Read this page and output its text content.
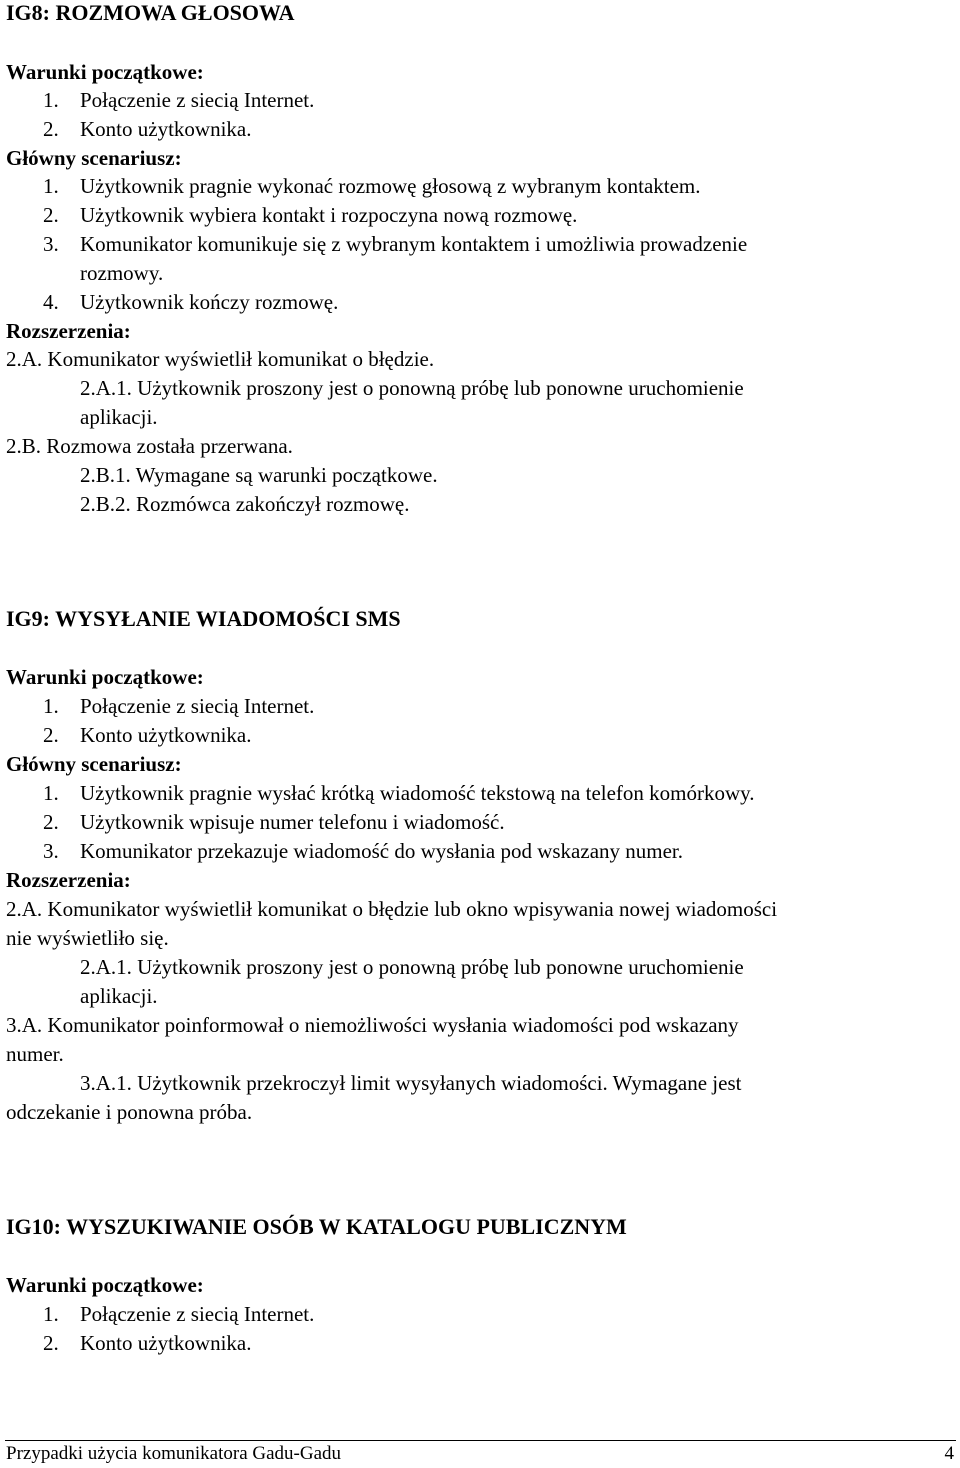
IG8: ROZMOWA GŁOSOWA
Warunki początkowe:
1. Połączenie z siecią Internet.
2. Konto użytkownika.
Główny scenariusz:
1. Użytkownik pragnie wykonać rozmowę głosową z wybranym kontaktem.
2. Użytkownik wybiera kontakt i rozpoczyna nową rozmowę.
3. Komunikator komunikuje się z wybranym kontaktem i umożliwia prowadzenie
rozmowy.
4. Użytkownik kończy rozmowę.
Rozszerzenia:
2.A. Komunikator wyświetlił komunikat o błędzie.
2.A.1. Użytkownik proszony jest o ponowną próbę lub ponowne uruchomienie
aplikacji.
2.B. Rozmowa została przerwana.
2.B.1. Wymagane są warunki początkowe.
2.B.2. Rozmówca zakończył rozmowę.
IG9: WYSYŁANIE WIADOMOŚCI SMS
Warunki początkowe:
1. Połączenie z siecią Internet.
2. Konto użytkownika.
Główny scenariusz:
1. Użytkownik pragnie wysłać krótką wiadomość tekstową na telefon komórkowy.
2. Użytkownik wpisuje numer telefonu i wiadomość.
3. Komunikator przekazuje wiadomość do wysłania pod wskazany numer.
Rozszerzenia:
2.A. Komunikator wyświetlił komunikat o błędzie lub okno wpisywania nowej wiadomości
nie wyświetliło się.
2.A.1. Użytkownik proszony jest o ponowną próbę lub ponowne uruchomienie
aplikacji.
3.A. Komunikator poinformował o niemożliwości wysłania wiadomości pod wskazany
numer.
3.A.1. Użytkownik przekroczył limit wysyłanych wiadomości. Wymagane jest
odczekanie i ponowna próba.
IG10: WYSZUKIWANIE OSÓB W KATALOGU PUBLICZNYM
Warunki początkowe:
1. Połączenie z siecią Internet.
2. Konto użytkownika.
Przypadki użycia komunikatora Gadu-Gadu	4
